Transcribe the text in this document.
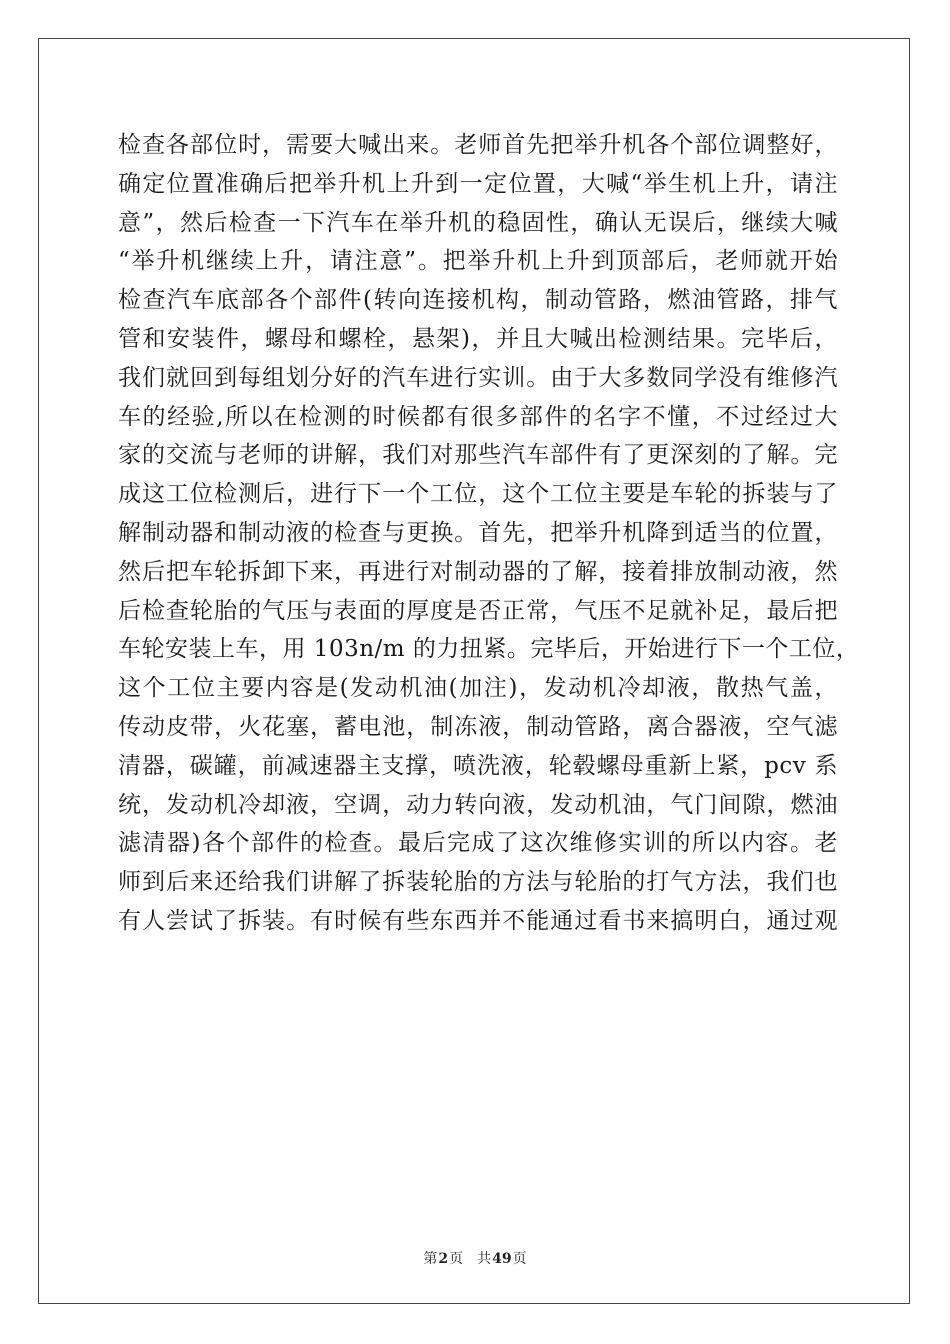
检查各部位时，需要大喊出来。老师首先把举升机各个部位调整好，
确定位置准确后把举升机上升到一定位置，大喊“举生机上升，请注
意”，然后检查一下汽车在举升机的稳固性，确认无误后，继续大喊
“举升机继续上升，请注意”。把举升机上升到顶部后，老师就开始
检查汽车底部各个部件(转向连接机构，制动管路，燃油管路，排气
管和安装件，螺母和螺栓，悬架)，并且大喊出检测结果。完毕后，
我们就回到每组划分好的汽车进行实训。由于大多数同学没有维修汽
车的经验,所以在检测的时候都有很多部件的名字不懂，不过经过大
家的交流与老师的讲解，我们对那些汽车部件有了更深刻的了解。完
成这工位检测后，进行下一个工位，这个工位主要是车轮的拆装与了
解制动器和制动液的检查与更换。首先，把举升机降到适当的位置，
然后把车轮拆卸下来，再进行对制动器的了解，接着排放制动液，然
后检查轮胎的气压与表面的厚度是否正常，气压不足就补足，最后把
车轮安装上车，用 103n/m 的力扭紧。完毕后，开始进行下一个工位，
这个工位主要内容是(发动机油(加注)，发动机冷却液，散热气盖，
传动皮带，火花塞，蓄电池，制冻液，制动管路，离合器液，空气滤
清器，碳罐，前减速器主支撑，喷洗液，轮毂螺母重新上紧，pcv 系
统，发动机冷却液，空调，动力转向液，发动机油，气门间隙，燃油
滤清器)各个部件的检查。最后完成了这次维修实训的所以内容。老
师到后来还给我们讲解了拆装轮胎的方法与轮胎的打气方法，我们也
有人尝试了拆装。有时候有些东西并不能通过看书来搞明白，通过观
第2页 共49页
